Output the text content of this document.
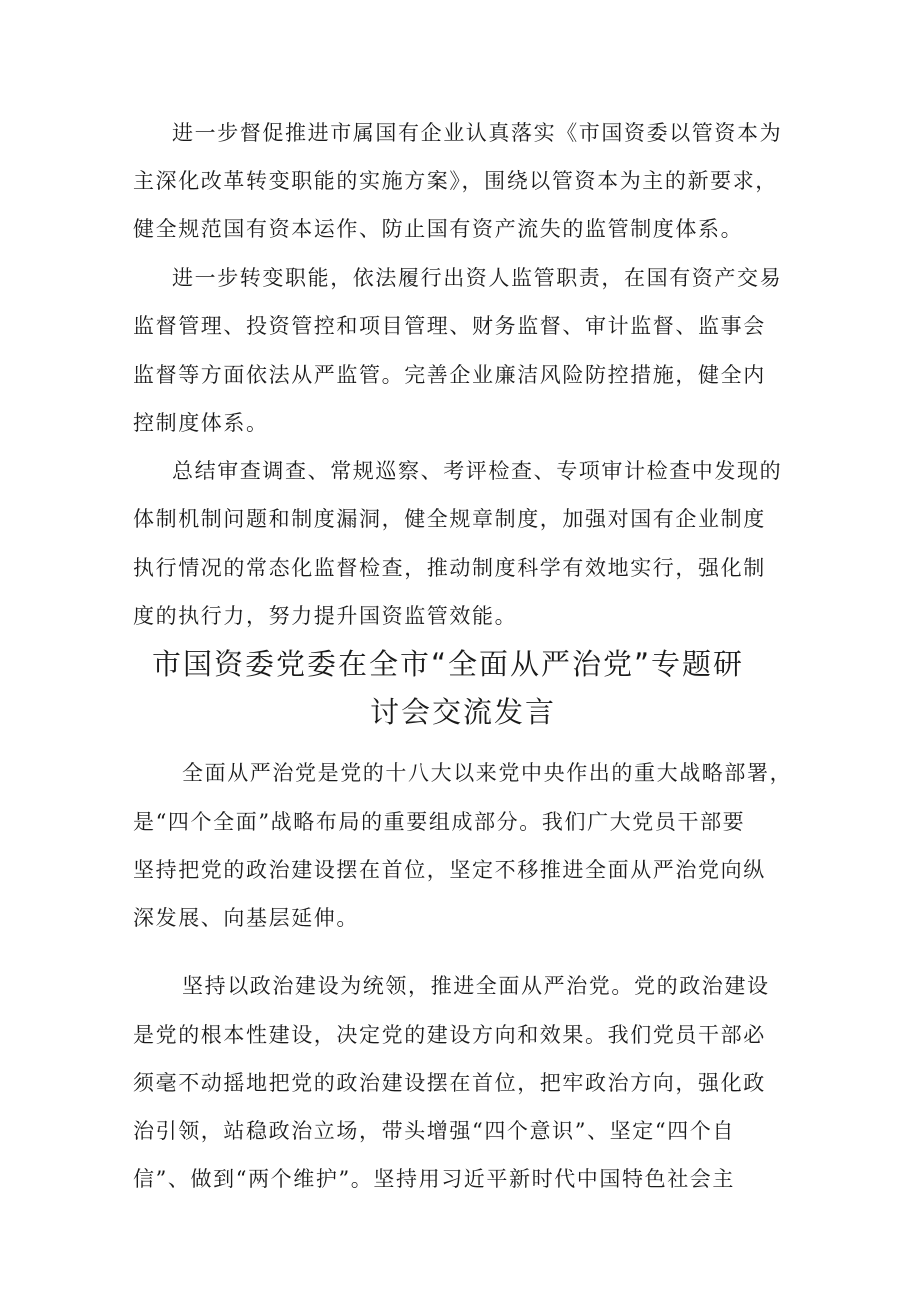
进一步督促推进市属国有企业认真落实《市国资委以管资本为
主深化改革转变职能的实施方案》，围绕以管资本为主的新要求，
健全规范国有资本运作、防止国有资产流失的监管制度体系。
进一步转变职能，依法履行出资人监管职责，在国有资产交易
监督管理、投资管控和项目管理、财务监督、审计监督、监事会
监督等方面依法从严监管。完善企业廉洁风险防控措施，健全内
控制度体系。
总结审查调查、常规巡察、考评检查、专项审计检查中发现的
体制机制问题和制度漏洞，健全规章制度，加强对国有企业制度
执行情况的常态化监督检查，推动制度科学有效地实行，强化制
度的执行力，努力提升国资监管效能。
市国资委党委在全市“全面从严治党”专题研
讨会交流发言
全面从严治党是党的十八大以来党中央作出的重大战略部署，
是“四个全面”战略布局的重要组成部分。我们广大党员干部要
坚持把党的政治建设摆在首位，坚定不移推进全面从严治党向纵
深发展、向基层延伸。
坚持以政治建设为统领，推进全面从严治党。党的政治建设
是党的根本性建设，决定党的建设方向和效果。我们党员干部必
须毫不动摇地把党的政治建设摆在首位，把牢政治方向，强化政
治引领，站稳政治立场，带头增强“四个意识”、坚定“四个自
信”、做到“两个维护”。坚持用习近平新时代中国特色社会主
